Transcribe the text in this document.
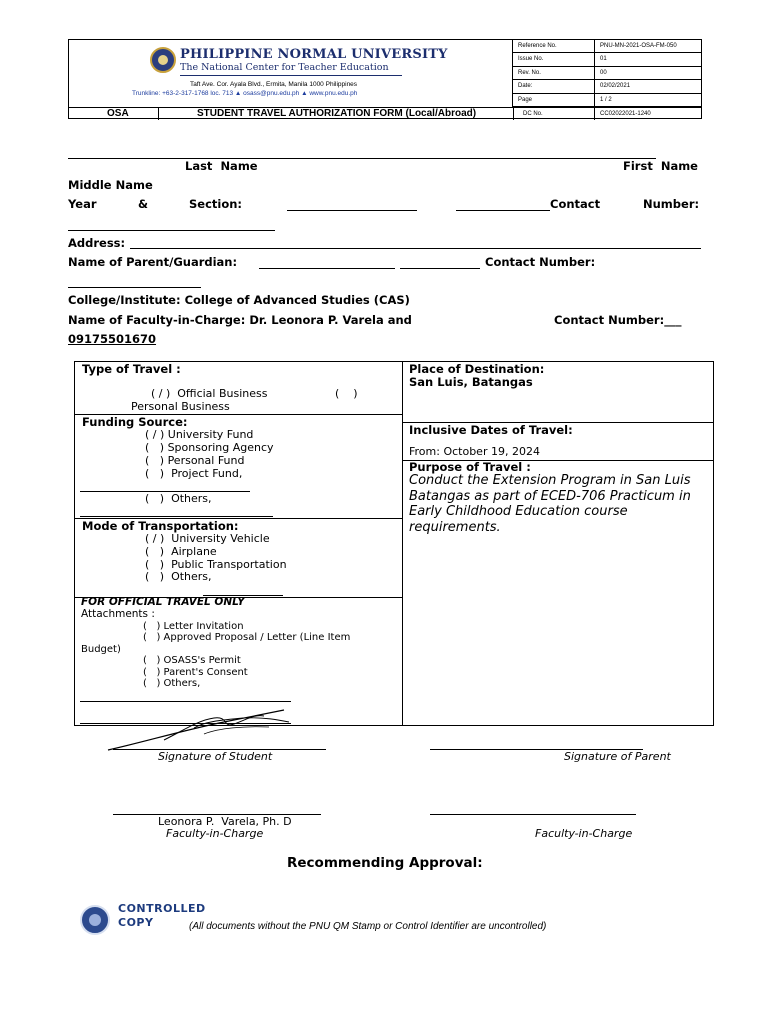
Reference No.	PNU-MN-2021-OSA-FM-050
Issue No.	01
Rev. No.	00
Date:	02/02/2021
Page	1 / 2
OSA	STUDENT TRAVEL AUTHORIZATION FORM (Local/Abroad)	DC No.	CC02022021-1240
PHILIPPINE NORMAL UNIVERSITY
The National Center for Teacher Education
Taft Ave. Cor. Ayala Blvd., Ermita, Manila 1000 Philippines
Trunkline: +63-2-317-1768 loc. 713 ▲ osass@pnu.edu.ph ▲ www.pnu.edu.ph
Last  Name	First  Name
Middle Name
Year	&	Section:	Contact	Number:
Address:
Name of Parent/Guardian:	Contact Number:
College/Institute: College of Advanced Studies (CAS)
Name of Faculty-in-Charge: Dr. Leonora P. Varela and	Contact Number:___
09175501670
Type of Travel :
( / )  Official Business	(    )
Personal Business
Funding Source:
( / ) University Fund
(   ) Sponsoring Agency
(   ) Personal Fund
(   )  Project Fund,
(   )  Others,
Mode of Transportation:
( / )  University Vehicle
(   )  Airplane
(   )  Public Transportation
(   )  Others,
FOR OFFICIAL TRAVEL ONLY
Attachments :
(   ) Letter Invitation
(   ) Approved Proposal / Letter (Line Item
Budget)
(   ) OSASS's Permit
(   ) Parent's Consent
(   ) Others,
Place of Destination:
San Luis, Batangas
Inclusive Dates of Travel:
From: October 19, 2024
Purpose of Travel :
Conduct the Extension Program in San Luis Batangas as part of ECED-706 Practicum in Early Childhood Education course requirements.
Signature of Student	Signature of Parent
Leonora P.  Varela, Ph. D
Faculty-in-Charge	Faculty-in-Charge
Recommending Approval:
CONTROLLED
COPY	(All documents without the PNU QM Stamp or Control Identifier are uncontrolled)
